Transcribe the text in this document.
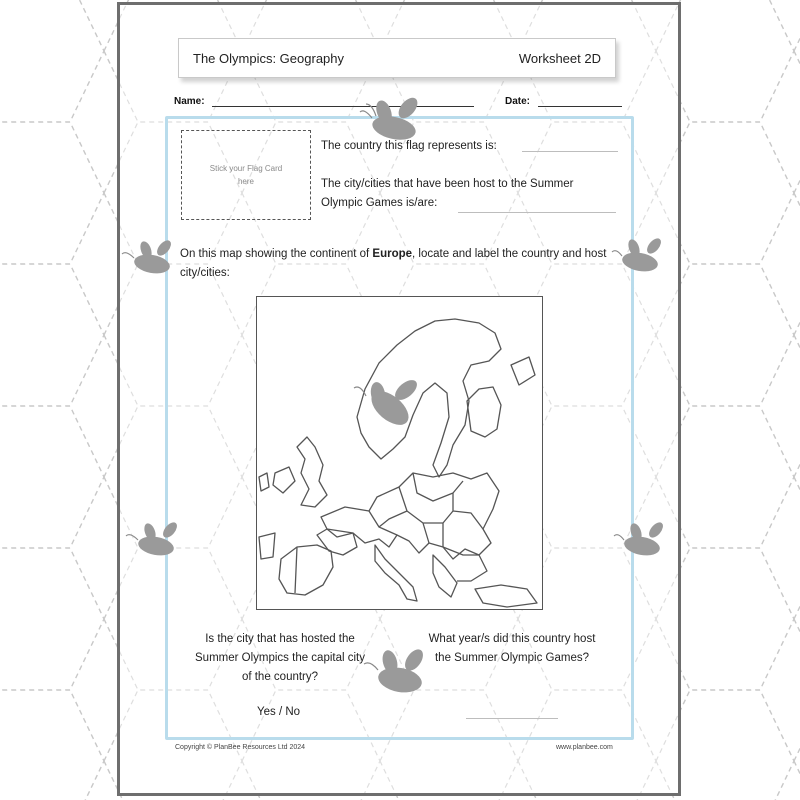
The Olympics: Geography	Worksheet 2D
Name:	Date:
Stick your Flag Card here
The country this flag represents is:
The city/cities that have been host to the Summer Olympic Games is/are:
On this map showing the continent of Europe, locate and label the country and host city/cities:
Is the city that has hosted the Summer Olympics the capital city of the country?
Yes / No
What year/s did this country host the Summer Olympic Games?
Copyright © PlanBee Resources Ltd 2024	www.planbee.com
